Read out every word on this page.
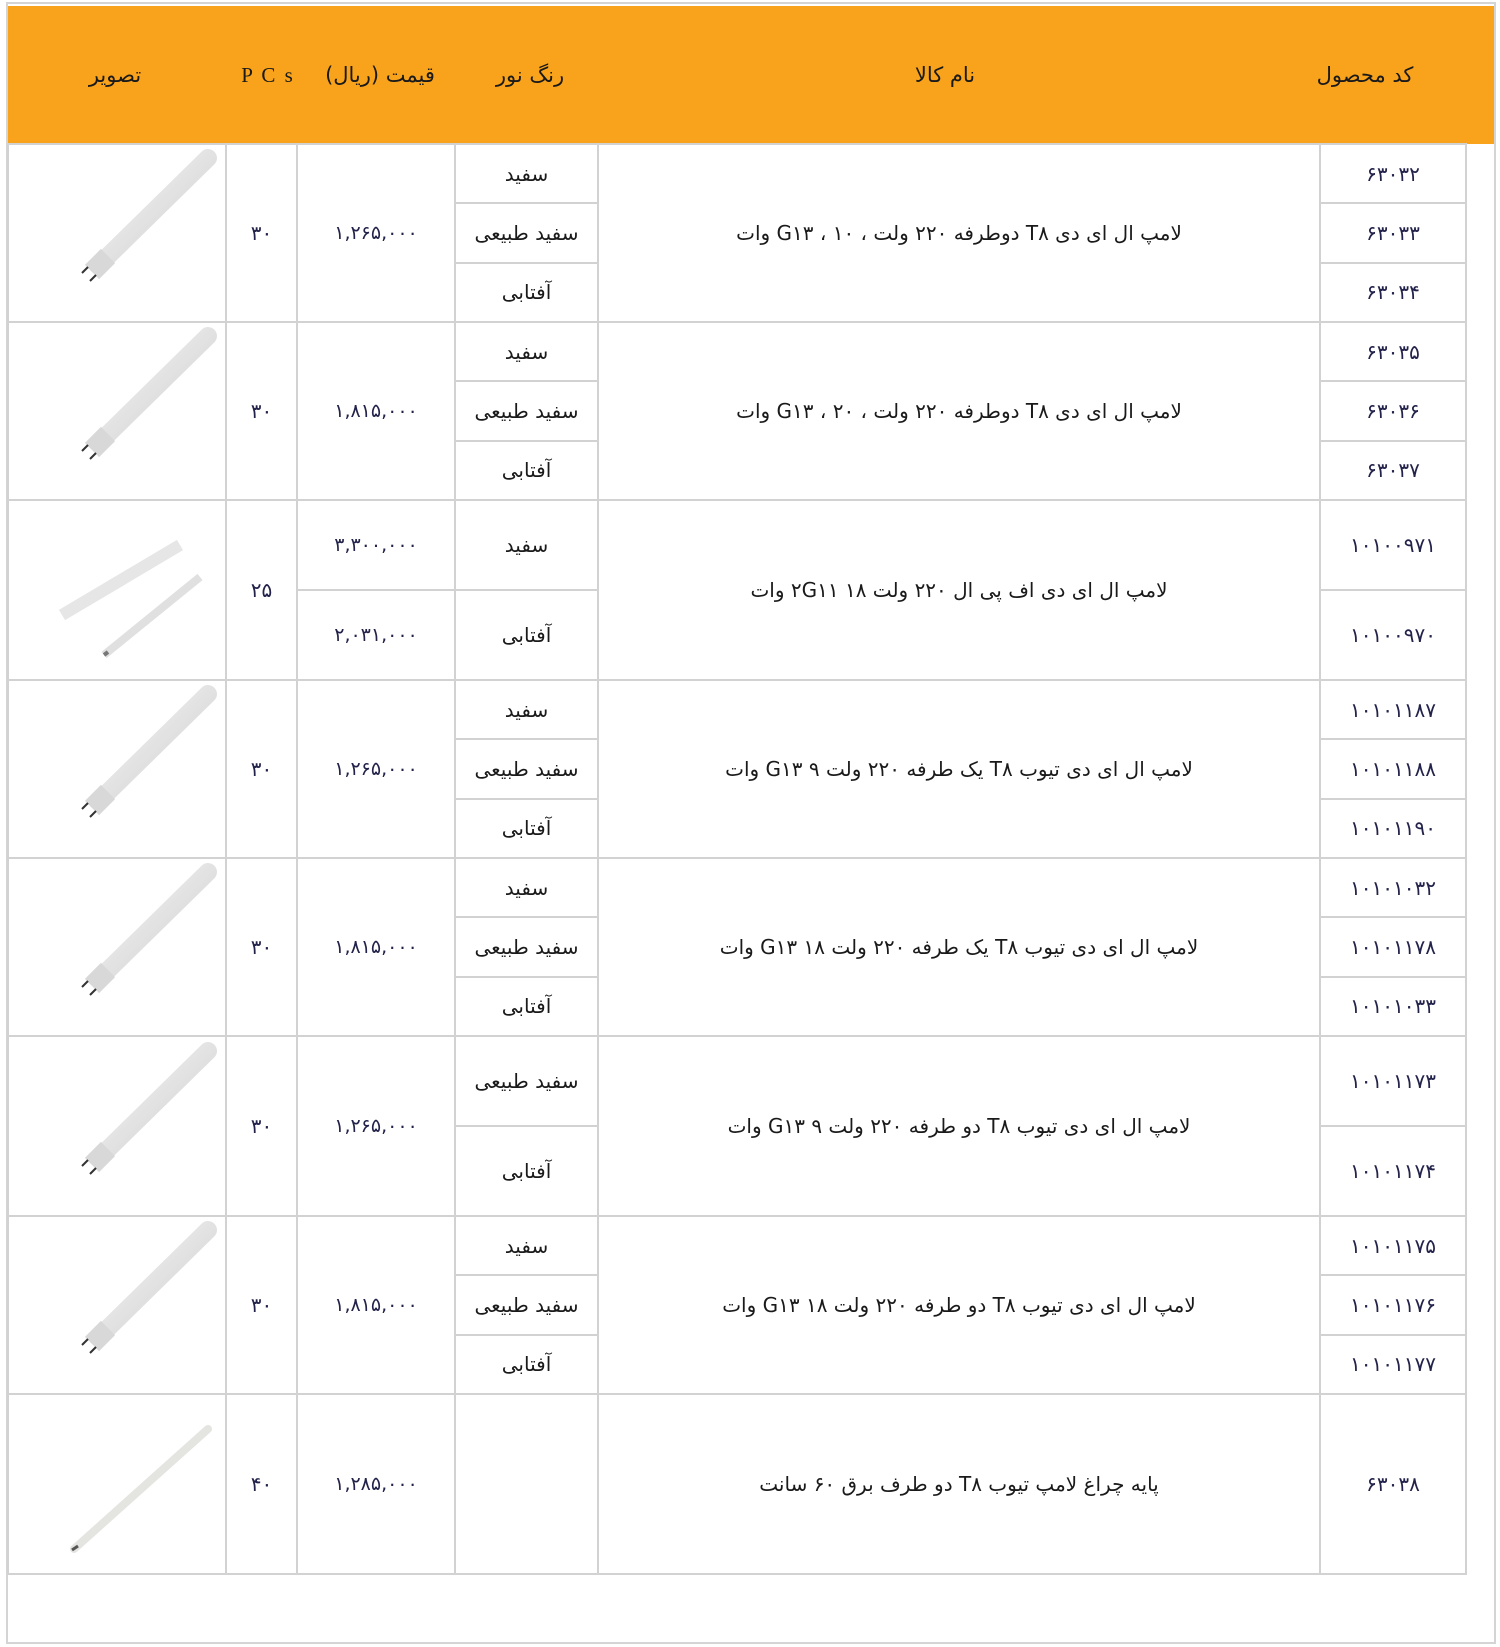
کد محصول
نام کالا
رنگ نور
قیمت (ریال)
P C s
تصویر
۶۳۰۳۲
۶۳۰۳۳
۶۳۰۳۴
لامپ ال ای دی T۸ دوطرفه ۲۲۰ ولت ، ۱۰ ، G۱۳ وات
سفید
سفید طبیعی
آفتابی
۱,۲۶۵,۰۰۰
۳۰
۶۳۰۳۵
۶۳۰۳۶
۶۳۰۳۷
لامپ ال ای دی T۸ دوطرفه ۲۲۰ ولت ، ۲۰ ، G۱۳ وات
سفید
سفید طبیعی
آفتابی
۱,۸۱۵,۰۰۰
۳۰
۱۰۱۰۰۹۷۱
۱۰۱۰۰۹۷۰
لامپ ال ای دی اف پی ال ۲۲۰ ولت ۲G۱۱ ۱۸ وات
سفید
آفتابی
۳,۳۰۰,۰۰۰
۲,۰۳۱,۰۰۰
۲۵
۱۰۱۰۱۱۸۷
۱۰۱۰۱۱۸۸
۱۰۱۰۱۱۹۰
لامپ ال ای دی تیوب T۸ یک طرفه ۲۲۰ ولت G۱۳ ۹ وات
سفید
سفید طبیعی
آفتابی
۱,۲۶۵,۰۰۰
۳۰
۱۰۱۰۱۰۳۲
۱۰۱۰۱۱۷۸
۱۰۱۰۱۰۳۳
لامپ ال ای دی تیوب T۸ یک طرفه ۲۲۰ ولت G۱۳ ۱۸ وات
سفید
سفید طبیعی
آفتابی
۱,۸۱۵,۰۰۰
۳۰
۱۰۱۰۱۱۷۳
۱۰۱۰۱۱۷۴
لامپ ال ای دی تیوب T۸ دو طرفه ۲۲۰ ولت G۱۳ ۹ وات
سفید طبیعی
آفتابی
۱,۲۶۵,۰۰۰
۳۰
۱۰۱۰۱۱۷۵
۱۰۱۰۱۱۷۶
۱۰۱۰۱۱۷۷
لامپ ال ای دی تیوب T۸ دو طرفه ۲۲۰ ولت G۱۳ ۱۸ وات
سفید
سفید طبیعی
آفتابی
۱,۸۱۵,۰۰۰
۳۰
۶۳۰۳۸
پایه چراغ لامپ تیوب T۸ دو طرف برق ۶۰ سانت
۱,۲۸۵,۰۰۰
۴۰
